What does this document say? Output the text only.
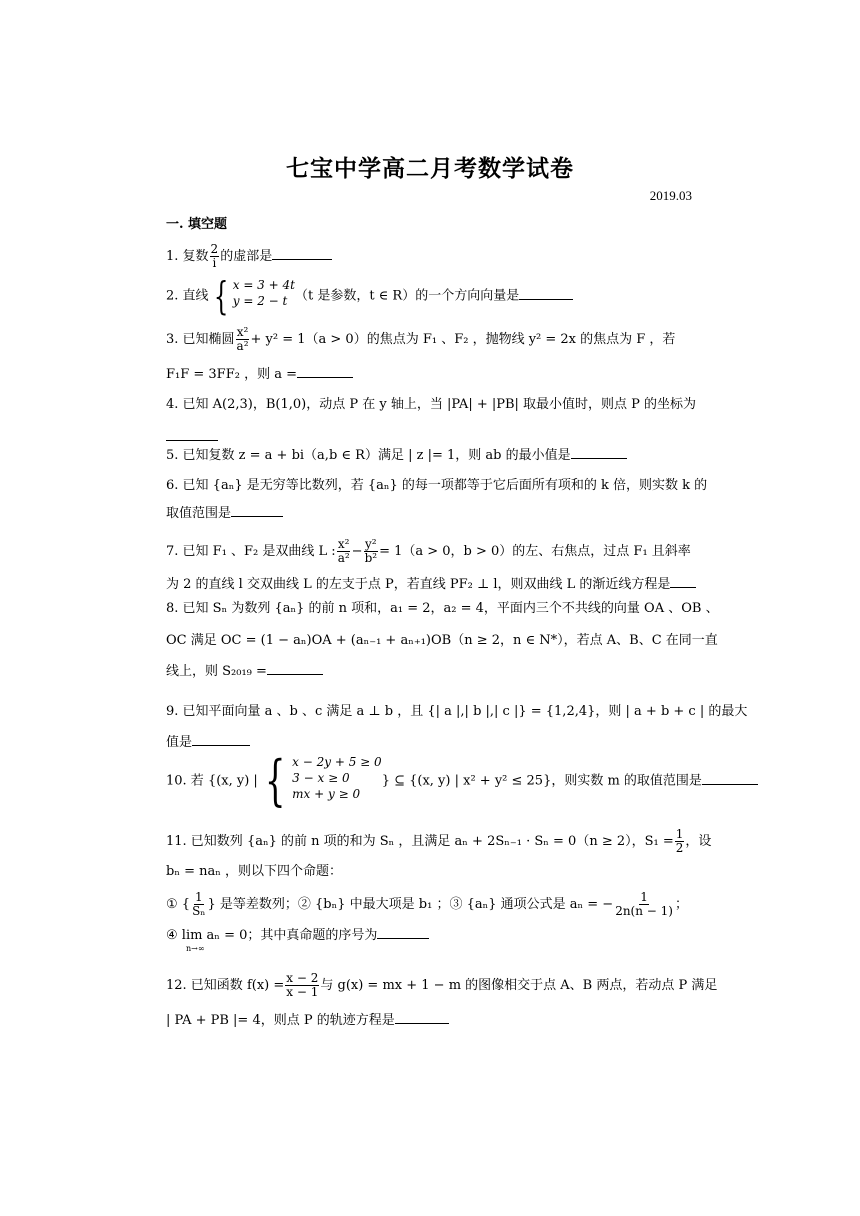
七宝中学高二月考数学试卷
2019.03
一. 填空题
1. 复数 $\frac{2}{i}$ 的虚部是
2. 直线 { x = 3 + 4t
y = 2 − t （t 是参数，t ∈ R）的一个方向向量是
3. 已知椭圆 $\frac{\text{x²}}{\text{a²}} + y^2 = 1(a > 0)$的焦点为 F₁ 、F₂ ，抛物线 y² = 2x 的焦点为 F ，若
F₁F = 3FF₂ ，则 a =
4. 已知 A(2,3)，B(1,0)，动点 P 在 y 轴上，当 |PA| + |PB| 取最小值时，则点 P 的坐标为
5. 已知复数 z = a + bi（a,b ∈ R）满足 | z |= 1，则 ab 的最小值是
6. 已知 {aₙ} 是无穷等比数列，若 {aₙ} 的每一项都等于它后面所有项和的 k 倍，则实数 k 的
取值范围是
7. 已知 F₁ 、F₂ 是双曲线 L : $\frac{\text{x²}}{\text{a²}} - \frac{\text{y²}}{\text{b²}} = 1(a > 0$，b > 0）的左、右焦点，过点 F₁ 且斜率
为 2 的直线 l 交双曲线 L 的左支于点 P，若直线 PF₂ ⊥ l，则双曲线 L 的渐近线方程是
8. 已知 Sₙ 为数列 {aₙ} 的前 n 项和，a₁ = 2，a₂ = 4，平面内三个不共线的向量 OA 、OB 、
OC 满足 OC = (1 − aₙ)OA + (aₙ₋₁ + aₙ₊₁)OB（n ≥ 2，n ∈ N*），若点 A、B、C 在同一直
线上，则 S₂₀₁₉ =
9. 已知平面向量 a 、b 、c 满足 a ⊥ b ，且 {| a |,| b |,| c |} = {1,2,4}，则 | a + b + c | 的最大
值是
10. 若 {(x, y) | { x − 2y + 5 ≥ 0
3 − x ≥ 0
mx + y ≥ 0
} ⊆ {(x, y) | x² + y² ≤ 25}，则实数 m 的取值范围是
11. 已知数列 {aₙ} 的前 n 项的和为 Sₙ ，且满足 aₙ + 2Sₙ₋₁ · Sₙ = 0（n ≥ 2），$S_1 = \frac{1}{2}$ ，设
bₙ = naₙ ，则以下四个命题：
① { $\frac{1}{\text{Sₙ}}$ } 是等差数列；② {bₙ} 中最大项是 b₁ ；③ {aₙ} 通项公式是 aₙ = − $\frac{1}{2n(n - 1)}$ ；
④ lim aₙ = 0；其中真命题的序号为
n→∞
12. 已知函数 $f(x) = \frac{x - 2}{x - 1}$ 与 g(x) = mx + 1 − m 的图像相交于点 A、B 两点，若动点 P 满足
| PA + PB |= 4，则点 P 的轨迹方程是
